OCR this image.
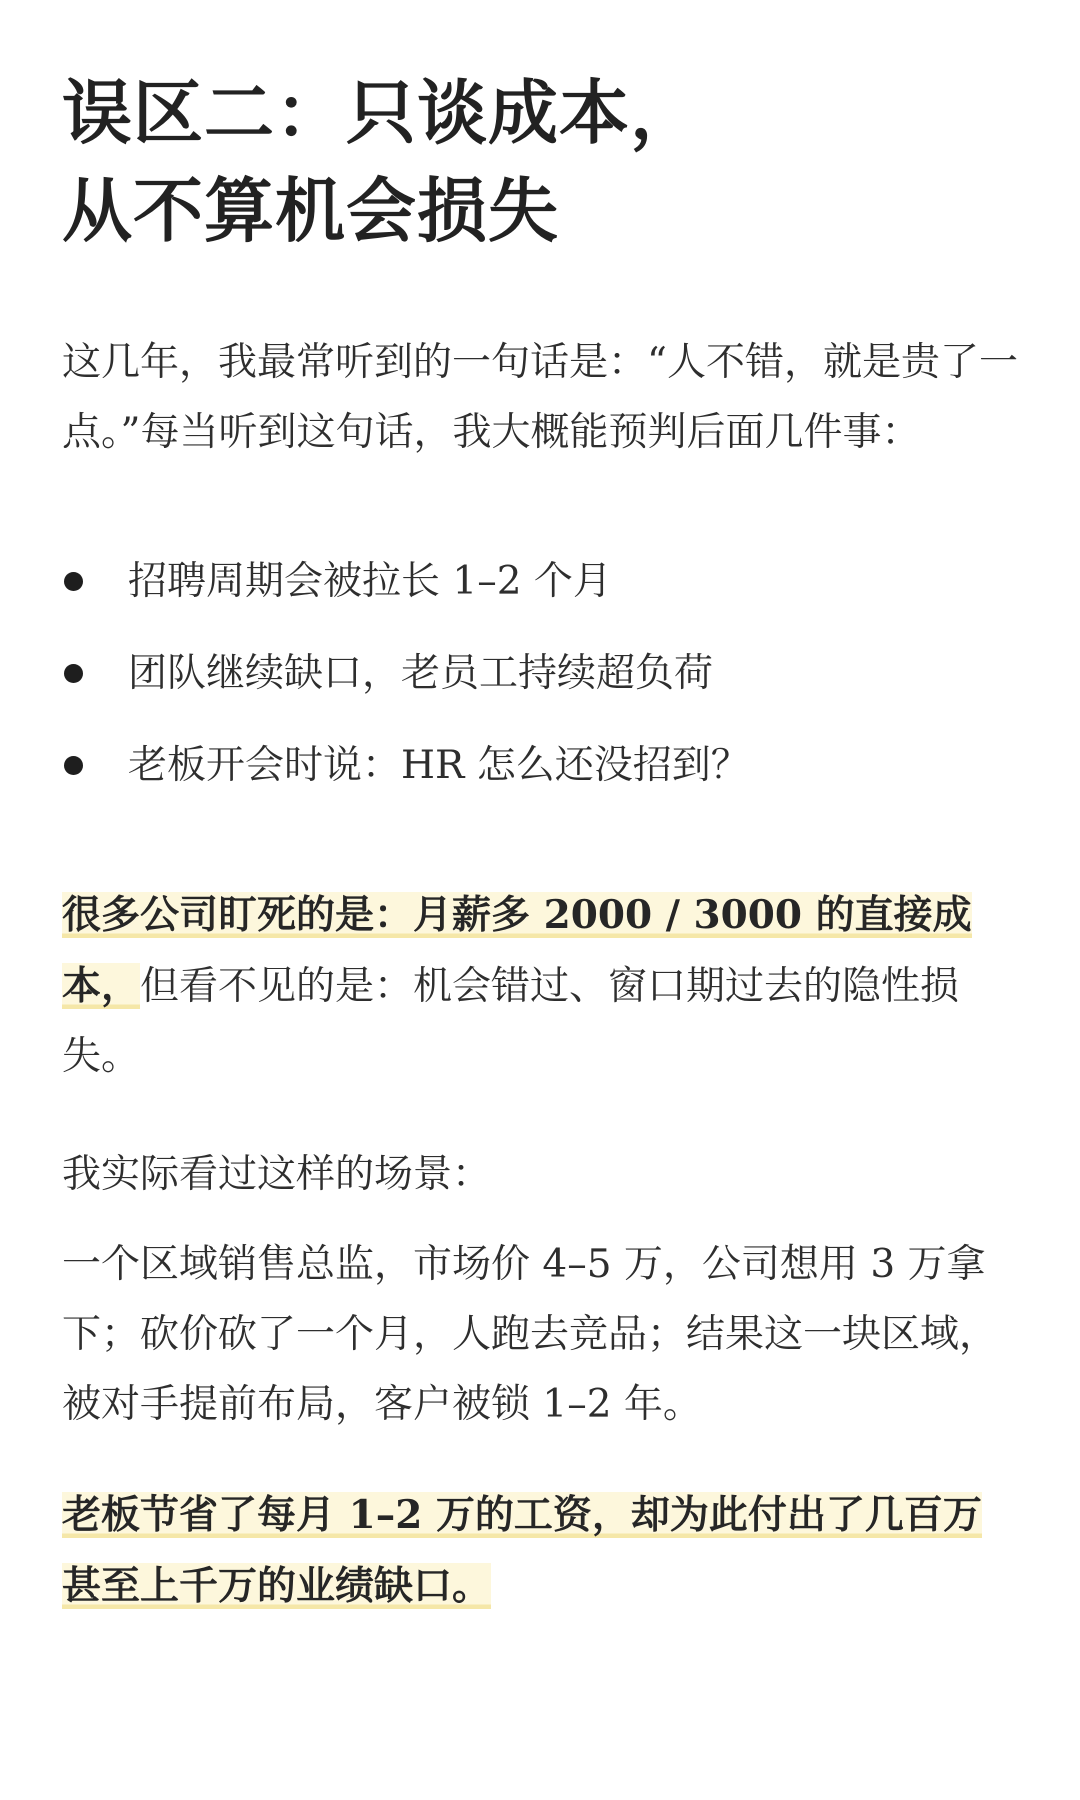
误区二：只谈成本，
从不算机会损失

这几年，我最常听到的一句话是：“人不错，就是贵了一点。”每当听到这句话，我大概能预判后面几件事：

招聘周期会被拉长 1–2 个月
团队继续缺口，老员工持续超负荷
老板开会时说：HR 怎么还没招到？

很多公司盯死的是：月薪多 2000 / 3000 的直接成本，但看不见的是：机会错过、窗口期过去的隐性损失。

我实际看过这样的场景：

一个区域销售总监，市场价 4–5 万，公司想用 3 万拿下；砍价砍了一个月，人跑去竞品；结果这一块区域，被对手提前布局，客户被锁 1–2 年。

老板节省了每月 1–2 万的工资，却为此付出了几百万甚至上千万的业绩缺口。
